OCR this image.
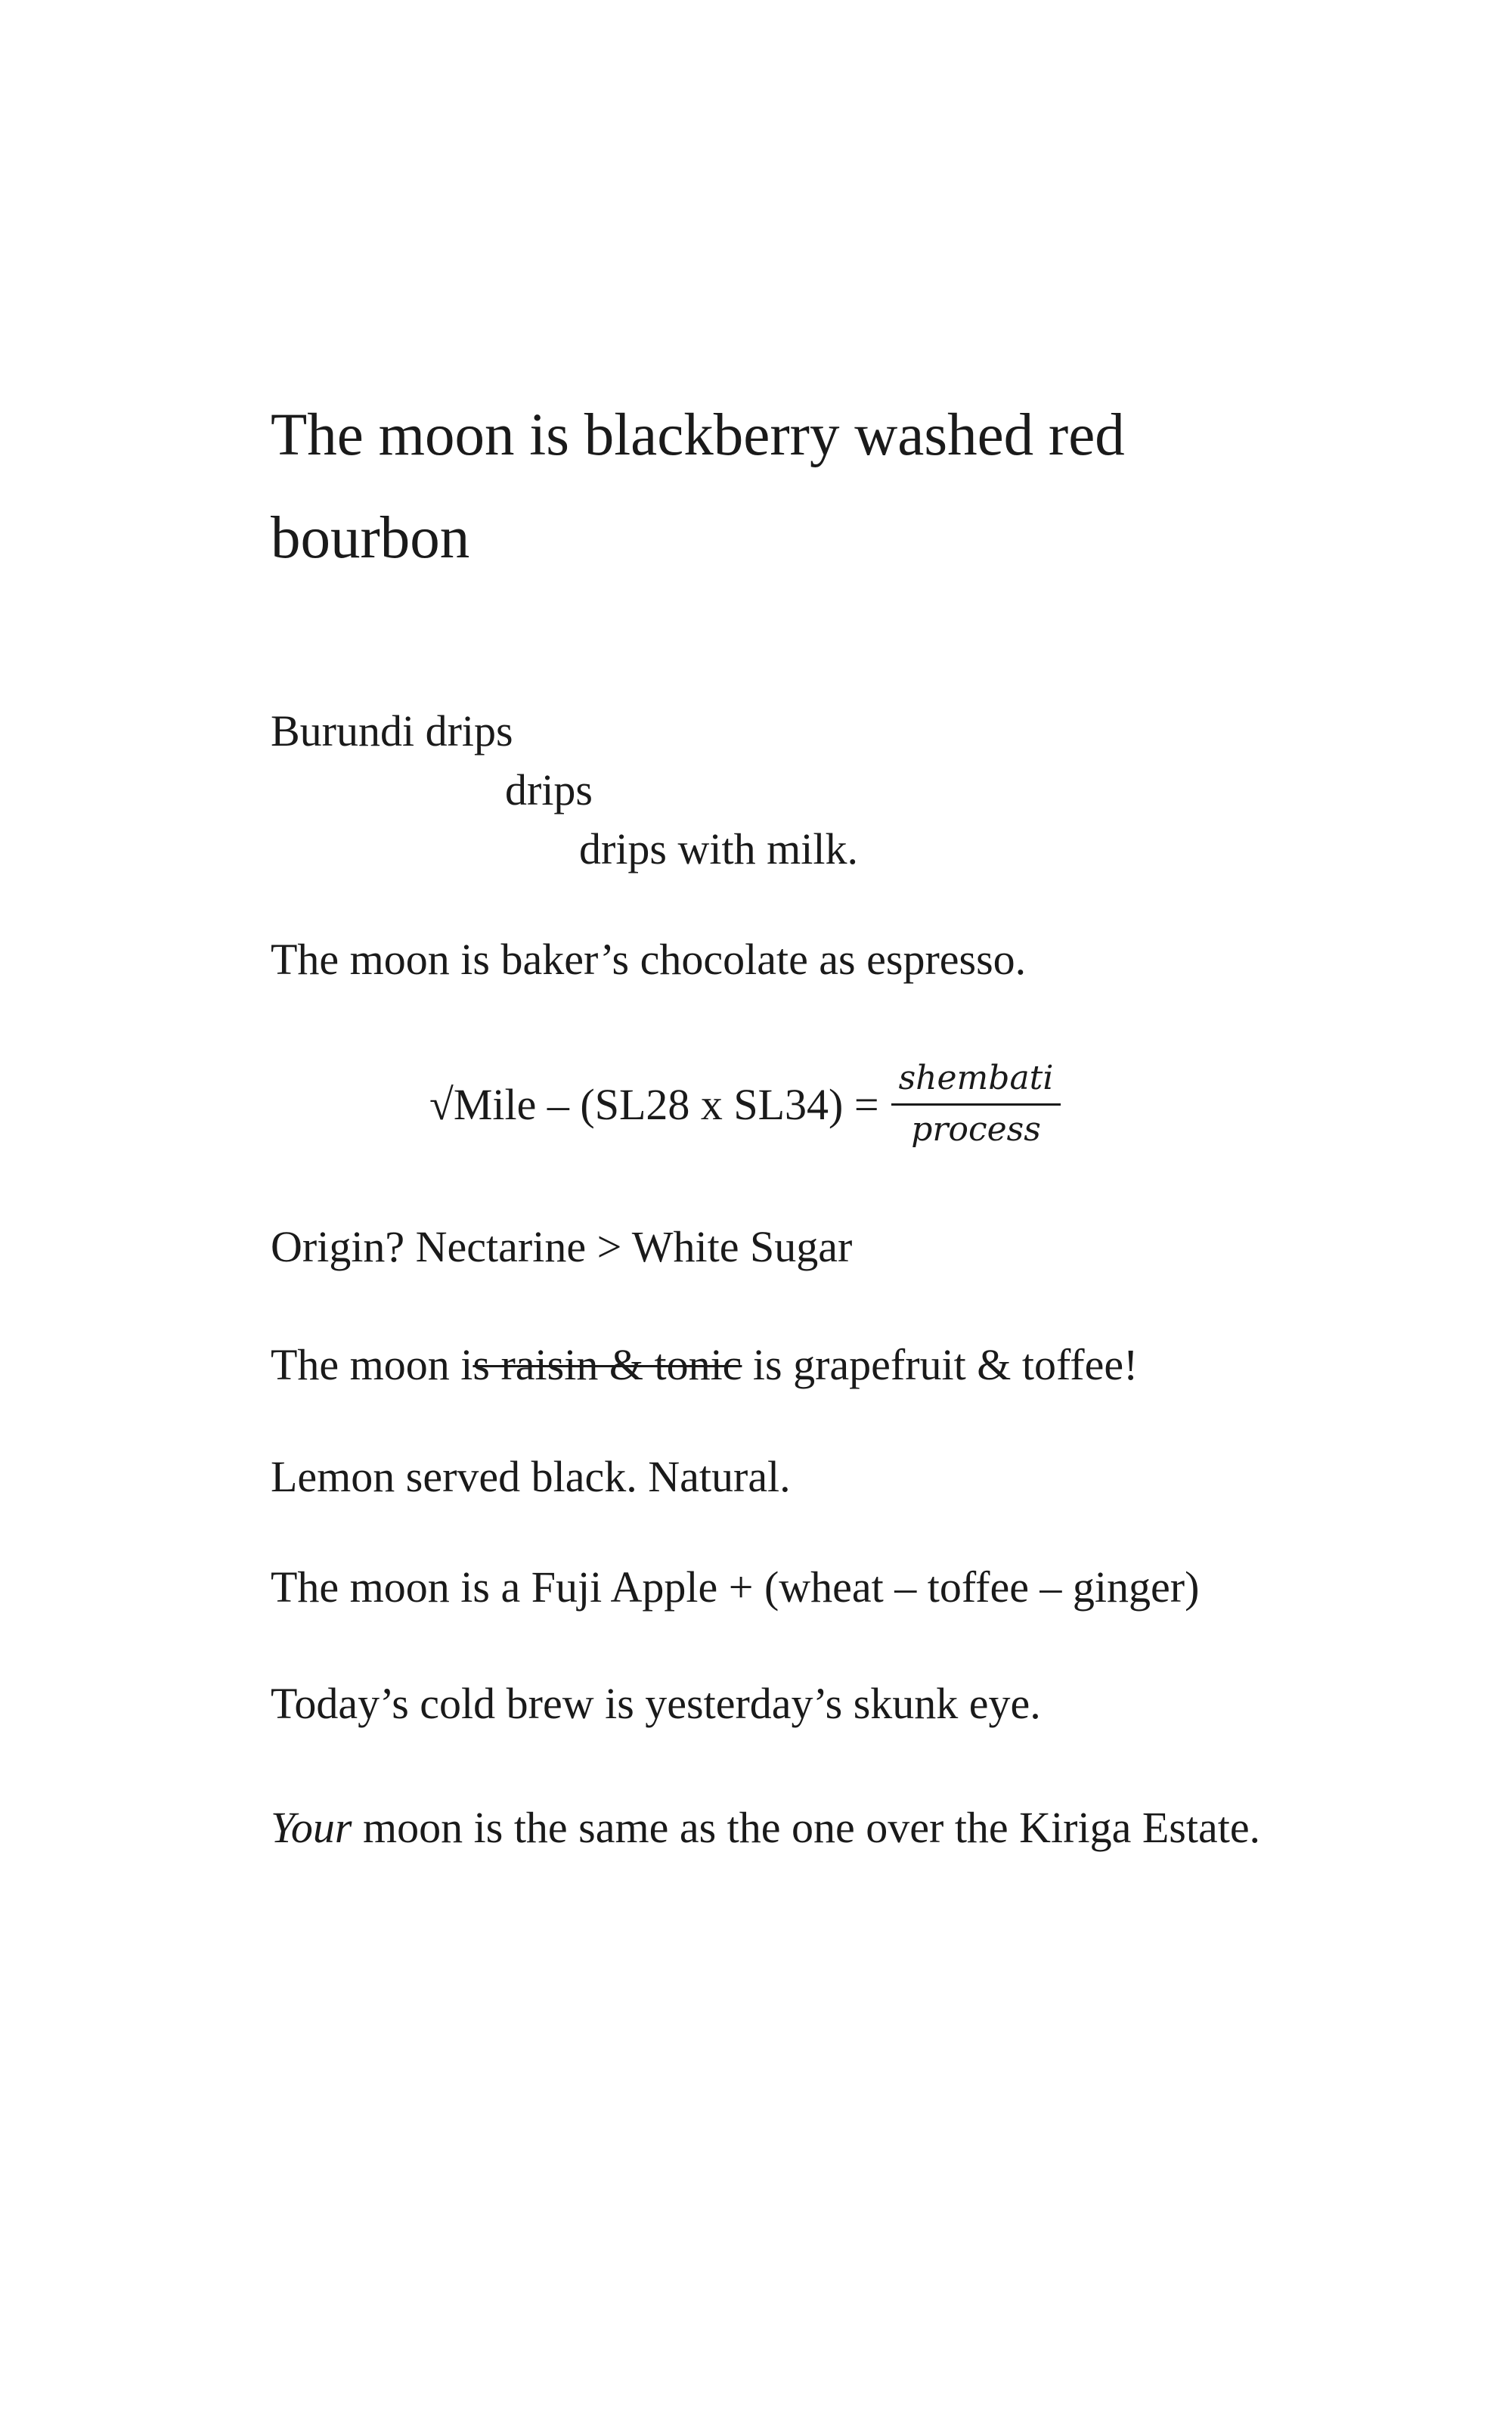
The moon is blackberry washed red bourbon
Burundi drips
drips
drips with milk.
The moon is baker’s chocolate as espresso.
√Mile – (SL28 x $SL34) = \frac{\text{shembati}}{\text{process}}$
Origin? Nectarine > White Sugar
The moon is raisin & tonic is grapefruit & toffee!
Lemon served black. Natural.
The moon is a Fuji Apple + (wheat – toffee – ginger)
Today’s cold brew is yesterday’s skunk eye.
Your moon is the same as the one over the Kiriga Estate.
